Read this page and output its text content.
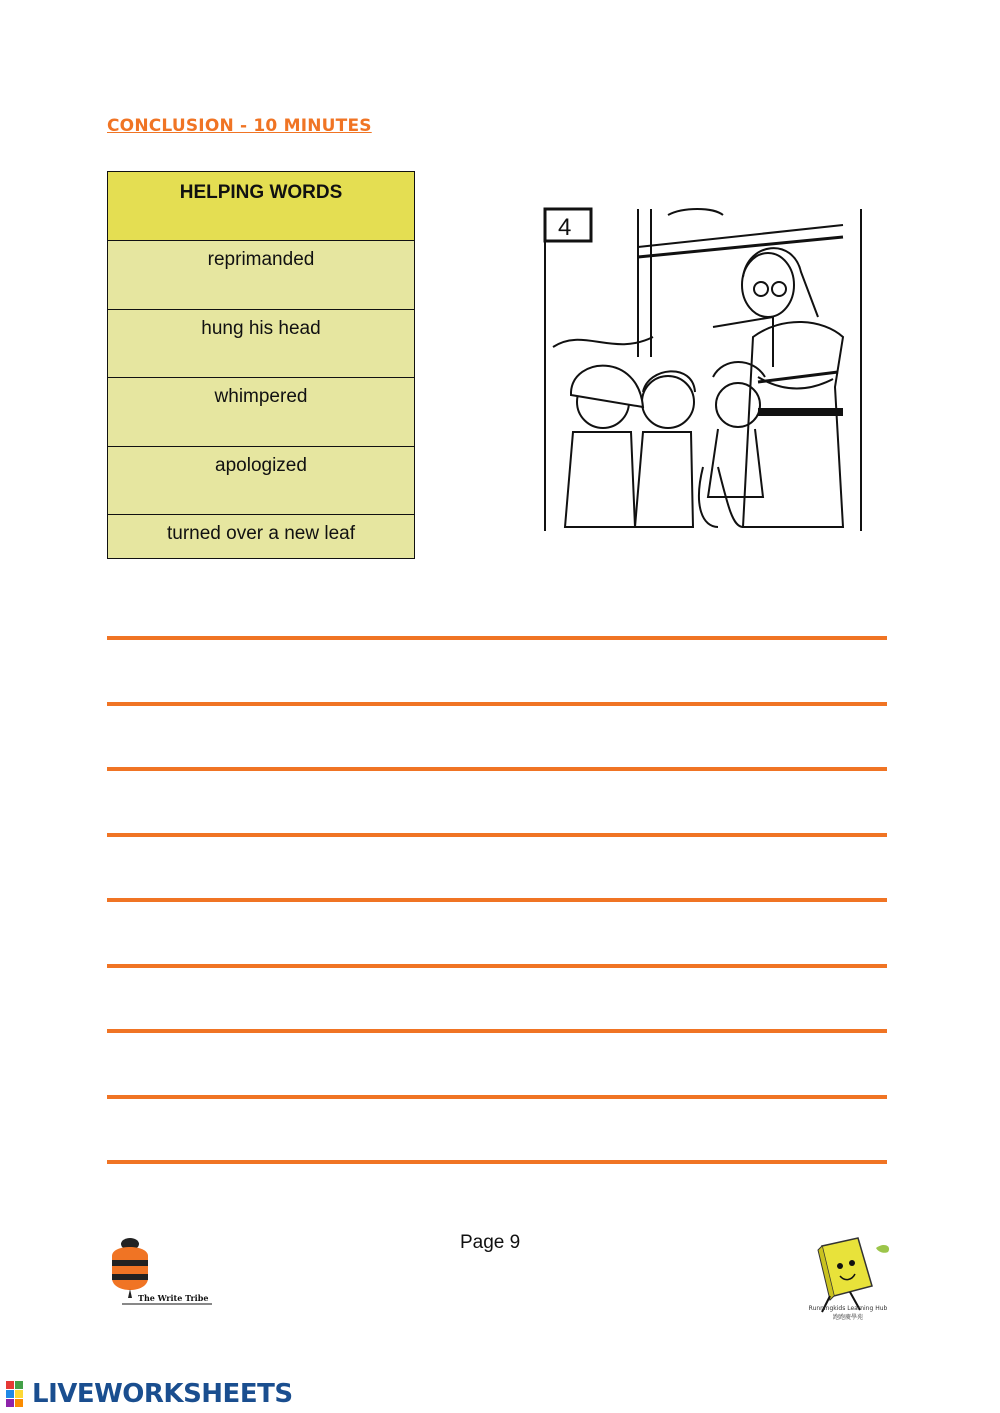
CONCLUSION - 10 MINUTES
HELPING WORDS
reprimanded
hung his head
whimpered
apologized
turned over a new leaf
4
Page 9
The Write Tribe
Runningkids Learning Hub
跑跑慶學苑
LIVEWORKSHEETS
